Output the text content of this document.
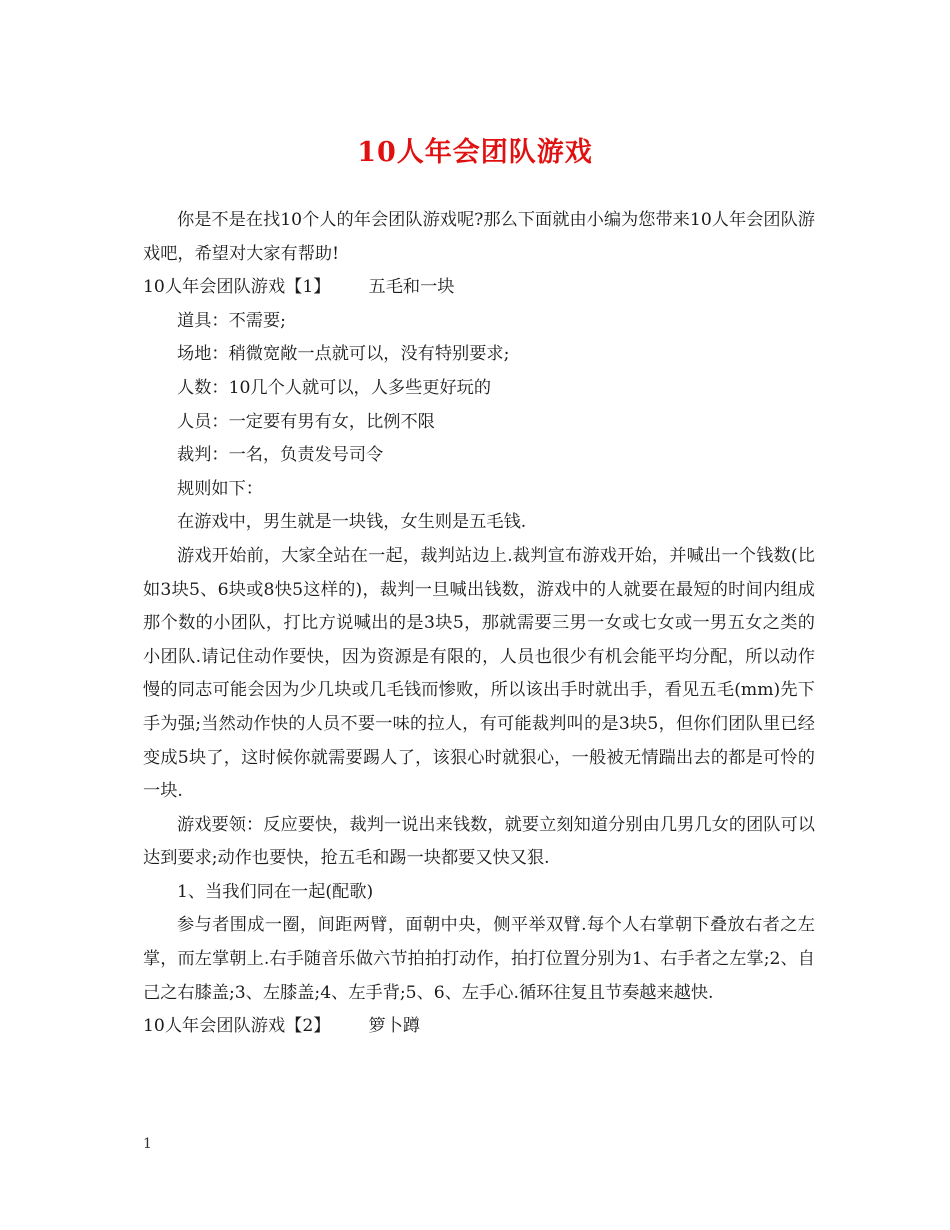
10人年会团队游戏

你是不是在找10个人的年会团队游戏呢?那么下面就由小编为您带来10人年会团队游戏吧，希望对大家有帮助!

10人年会团队游戏【1】 五毛和一块

道具：不需要;

场地：稍微宽敞一点就可以，没有特别要求;

人数：10几个人就可以，人多些更好玩的

人员：一定要有男有女，比例不限

裁判：一名，负责发号司令

规则如下：

在游戏中，男生就是一块钱，女生则是五毛钱.

游戏开始前，大家全站在一起，裁判站边上.裁判宣布游戏开始，并喊出一个钱数(比如3块5、6块或8快5这样的)，裁判一旦喊出钱数，游戏中的人就要在最短的时间内组成那个数的小团队，打比方说喊出的是3块5，那就需要三男一女或七女或一男五女之类的小团队.请记住动作要快，因为资源是有限的，人员也很少有机会能平均分配，所以动作慢的同志可能会因为少几块或几毛钱而惨败，所以该出手时就出手，看见五毛(mm)先下手为强;当然动作快的人员不要一味的拉人，有可能裁判叫的是3块5，但你们团队里已经变成5块了，这时候你就需要踢人了，该狠心时就狠心，一般被无情踹出去的都是可怜的一块.

游戏要领：反应要快，裁判一说出来钱数，就要立刻知道分别由几男几女的团队可以达到要求;动作也要快，抢五毛和踢一块都要又快又狠.

1、当我们同在一起(配歌)

参与者围成一圈，间距两臂，面朝中央，侧平举双臂.每个人右掌朝下叠放右者之左掌，而左掌朝上.右手随音乐做六节拍拍打动作，拍打位置分别为1、右手者之左掌;2、自己之右膝盖;3、左膝盖;4、左手背;5、6、左手心.循环往复且节奏越来越快.

10人年会团队游戏【2】 箩卜蹲

1
